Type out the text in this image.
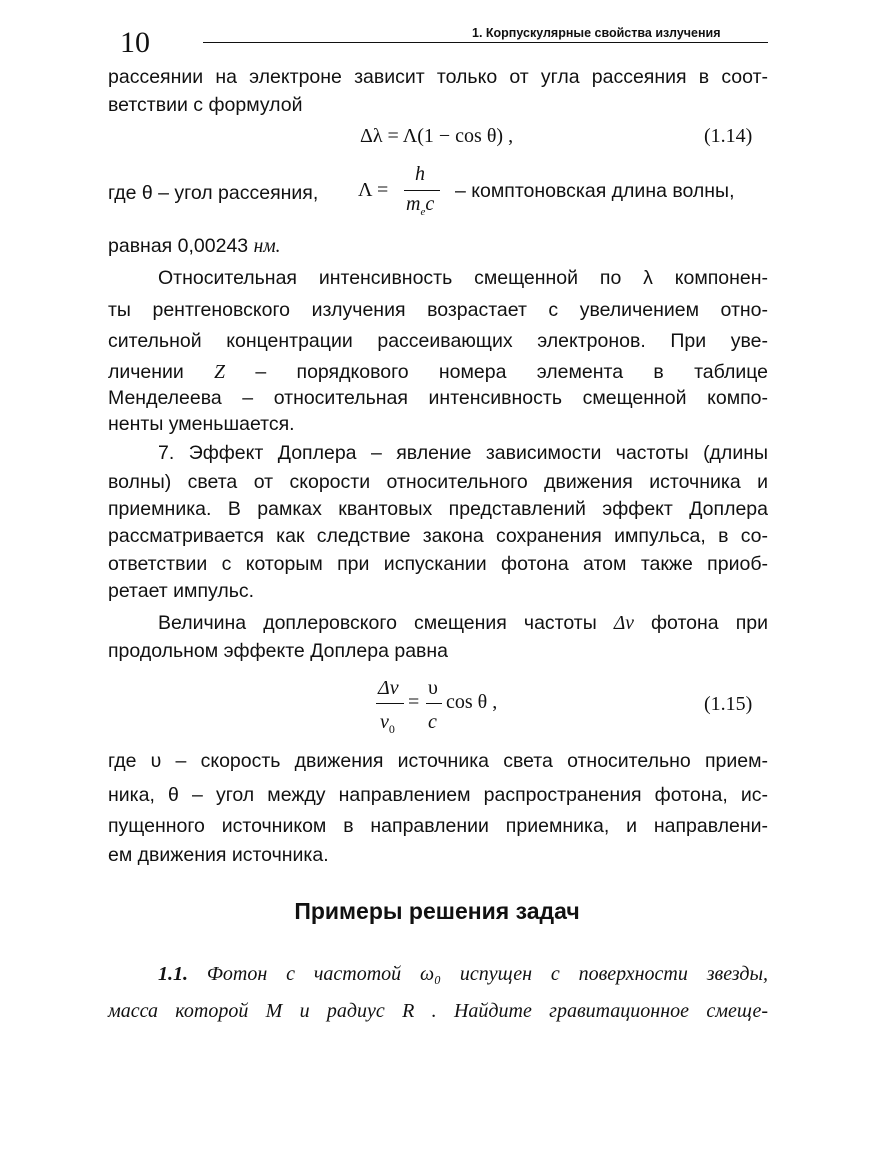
10	1. Корпускулярные свойства излучения
рассеянии на электроне зависит только от угла рассеяния в соот-
ветствии с формулой
Δλ = Λ(1 − cos θ) ,	(1.14)
где θ – угол рассеяния,	Λ =
h
$m_ec$
– комптоновская длина волны,
равная 0,00243 нм.
Относительная интенсивность смещенной по λ компонен-
ты рентгеновского излучения возрастает с увеличением отно-
сительной концентрации рассеивающих электронов. При уве-
личении Z – порядкового номера элемента в таблице
Менделеева – относительная интенсивность смещенной компо-
ненты уменьшается.
7. Эффект Доплера – явление зависимости частоты (длины
волны) света от скорости относительного движения источника и
приемника. В рамках квантовых представлений эффект Доплера
рассматривается как следствие закона сохранения импульса, в со-
ответствии с которым при испускании фотона атом также приоб-
ретает импульс.
Величина доплеровского смещения частоты Δν фотона при
продольном эффекте Доплера равна
Δν
$\nu_0$
=
υ
c
cos θ ,	(1.15)
где υ – скорость движения источника света относительно прием-
ника, θ – угол между направлением распространения фотона, ис-
пущенного источником в направлении приемника, и направлени-
ем движения источника.
Примеры решения задач
1.1. Фотон с частотой ω₀ испущен с поверхности звезды,
масса которой M и радиус R . Найдите гравитационное смеще-
